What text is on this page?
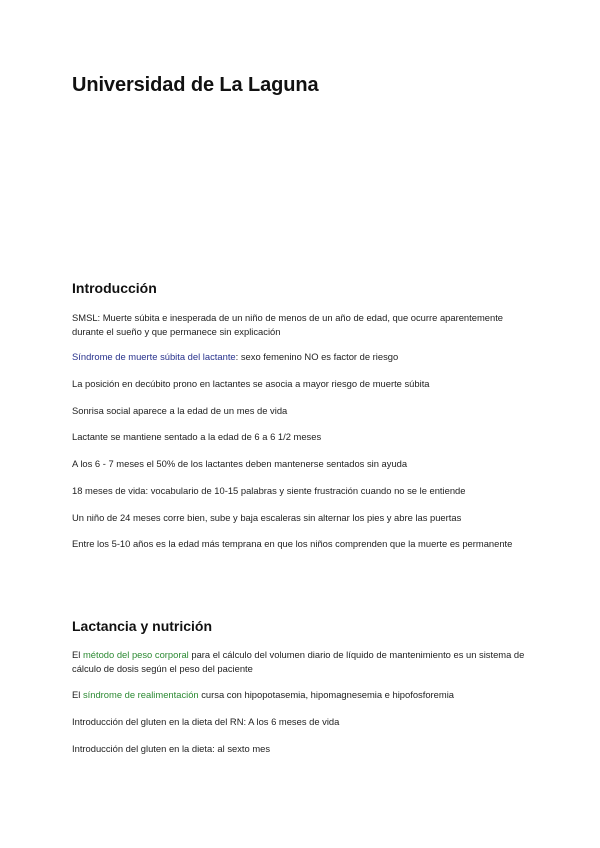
Universidad de La Laguna
Introducción

SMSL: Muerte súbita e inesperada de un niño de menos de un año de edad, que ocurre aparentemente durante el sueño y que permanece sin explicación

Síndrome de muerte súbita del lactante: sexo femenino NO es factor de riesgo

La posición en decúbito prono en lactantes se asocia a mayor riesgo de muerte súbita

Sonrisa social aparece a la edad de un mes de vida

Lactante se mantiene sentado a la edad de 6 a 6 1/2 meses

A los 6 - 7 meses el 50% de los lactantes deben mantenerse sentados sin ayuda

18 meses de vida: vocabulario de 10-15 palabras y siente frustración cuando no se le entiende

Un niño de 24 meses corre bien, sube y baja escaleras sin alternar los pies y abre las puertas

Entre los 5-10 años es la edad más temprana en que los niños comprenden que la muerte es permanente

Lactancia y nutrición

El método del peso corporal para el cálculo del volumen diario de líquido de mantenimiento es un sistema de cálculo de dosis según el peso del paciente

El síndrome de realimentación cursa con hipopotasemia, hipomagnesemia e hipofosforemia

Introducción del gluten en la dieta del RN: A los 6 meses de vida

Introducción del gluten en la dieta: al sexto mes
